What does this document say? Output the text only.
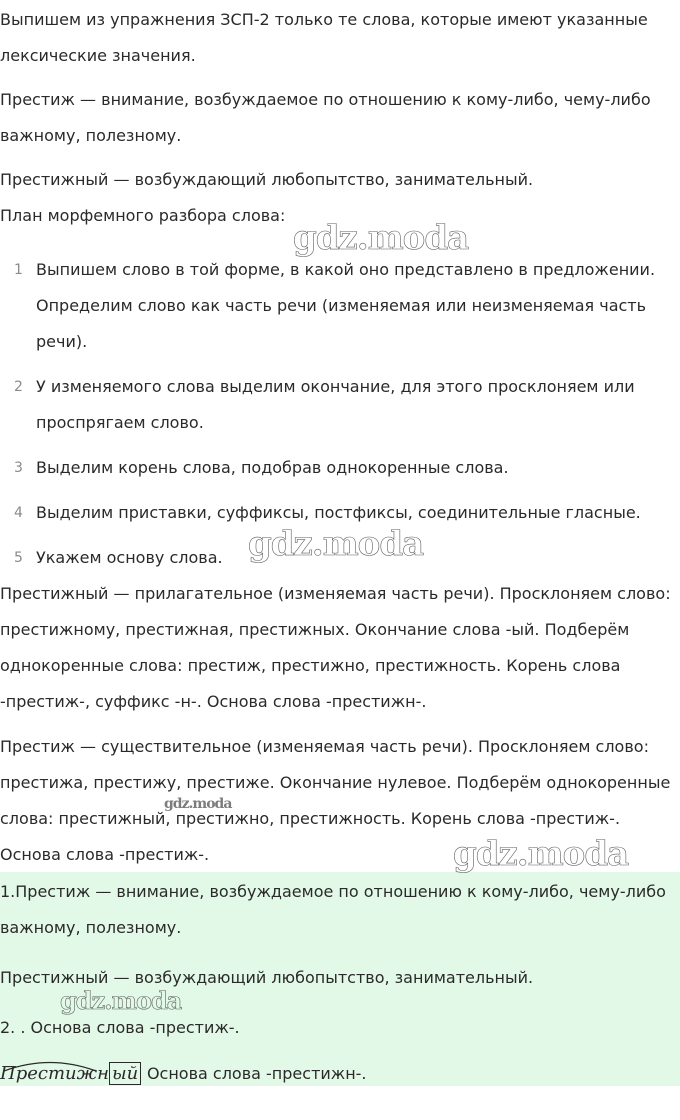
Выпишем из упражнения ЗСП-2 только те слова, которые имеют указанные лексические значения.

Престиж — внимание, возбуждаемое по отношению к кому-либо, чему-либо важному, полезному.

Престижный — возбуждающий любопытство, занимательный.

План морфемного разбора слова:

1 Выпишем слово в той форме, в какой оно представлено в предложении. Определим слово как часть речи (изменяемая или неизменяемая часть речи).
2 У изменяемого слова выделим окончание, для этого просклоняем или проспрягаем слово.
3 Выделим корень слова, подобрав однокоренные слова.
4 Выделим приставки, суффиксы, постфиксы, соединительные гласные.
5 Укажем основу слова.

Престижный — прилагательное (изменяемая часть речи). Просклоняем слово: престижному, престижная, престижных. Окончание слова -ый. Подберём однокоренные слова: престиж, престижно, престижность. Корень слова -престиж-, суффикс -н-. Основа слова -престижн-.

Престиж — существительное (изменяемая часть речи). Просклоняем слово: престижа, престижу, престиже. Окончание нулевое. Подберём однокоренные слова: престижный, престижно, престижность. Корень слова -престиж-. Основа слова -престиж-.

1.Престиж — внимание, возбуждаемое по отношению к кому-либо, чему-либо важному, полезному.

Престижный — возбуждающий любопытство, занимательный.

2. . Основа слова -престиж-.

Престижн ый Основа слова -престижн-.
gdz.moda
gdz.moda
gdz.moda
gdz.moda
gdz.moda
